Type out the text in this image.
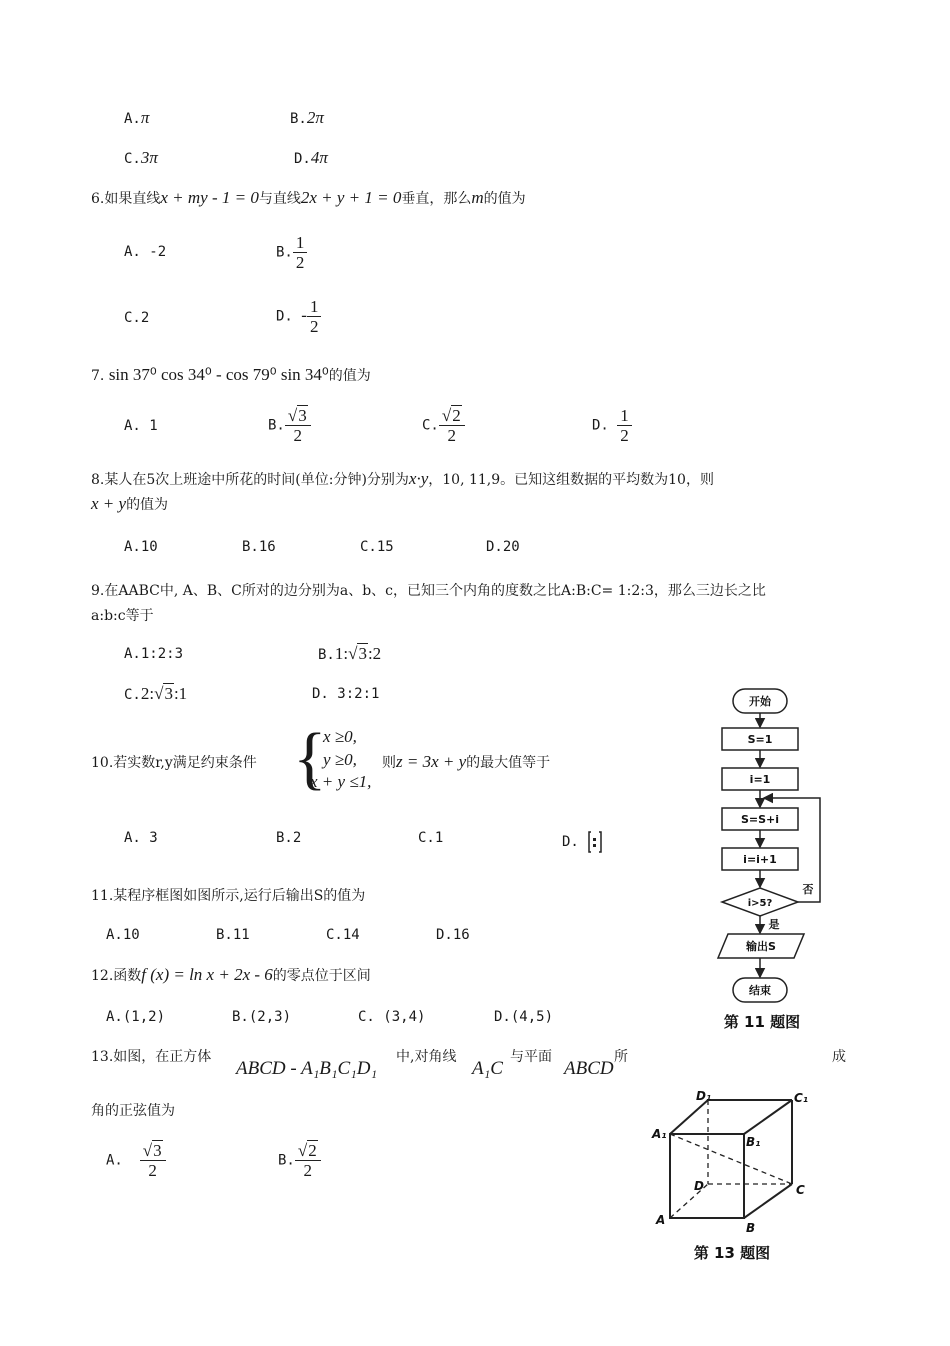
A.π	B.2π
C.3π	D.4π
6.如果直线x + my - 1 = 0与直线2x + y + 1 = 0垂直，那么m的值为
A. -2	B. $\frac{1}{2}$
C.2	D. - $\frac{1}{2}$
7. sin 37⁰ cos 34⁰ - cos 79⁰ sin 34⁰的值为
A. 1	B. $\frac{√3}{2}$	C. $\frac{√2}{2}$	D. $\frac{1}{2}$
8.某人在5次上班途中所花的时间(单位:分钟)分别为x·y，10, 11,9。已知这组数据的平均数为10，则
x + y的值为
A.10	B.16	C.15	D.20
9.在AABC中, A、B、C所对的边分别为a、b、c，已知三个内角的度数之比A:B:C= 1:2:3，那么三边长之比
a:b:c等于
A.1:2:3	B.1:√3:2
C.2:√3:1	D. 3:2:1
10.若实数r,y满足约束条件 {
x ≥0,
y ≥0,
x + y ≤1,
则z = 3x + y的最大值等于
A. 3	B.2	C.1	D.
11.某程序框图如图所示,运行后输出S的值为
A.10	B.11	C.14	D.16
12.函数f (x) = ln x + 2x - 6的零点位于区间
A.(1,2)	B.(2,3)	C. (3,4)	D.(4,5)
13.如图，在正方体
ABCD - A₁B₁C₁D₁
中,对角线
A₁C
与平面
ABCD
所	成
角的正弦值为
A. $\frac{√3}{2}$	B. $\frac{√2}{2}$
开始
S=1
i=1
S=S+i
i=i+1
i>5?
是
否
输出S
结束
第 11 题图
D₁	C₁
A₁
B₁
D	C
A
B
第 13 题图
